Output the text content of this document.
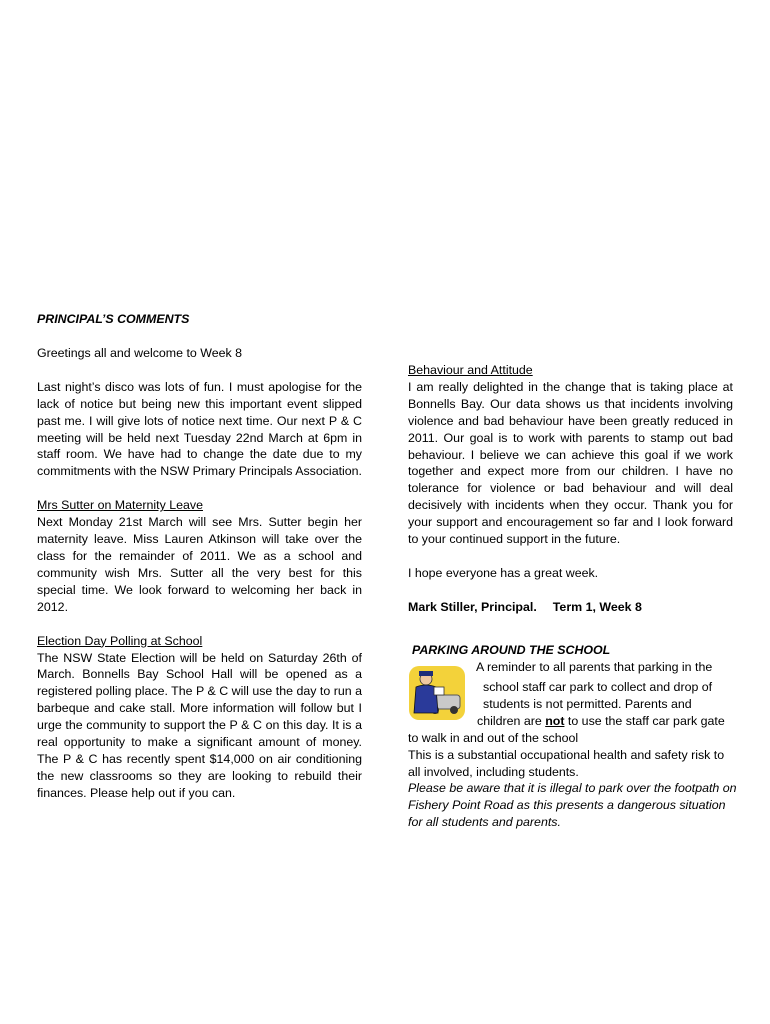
PRINCIPAL’S COMMENTS

Greetings all and welcome to Week 8

Last night’s disco was lots of fun. I must apologise for the lack of notice but being new this important event slipped past me. I will give lots of notice next time. Our next P & C meeting will be held next Tuesday 22nd March at 6pm in staff room. We have had to change the date due to my commitments with the NSW Primary Principals Association.

Mrs Sutter on Maternity Leave

Next Monday 21st March will see Mrs. Sutter begin her maternity leave. Miss Lauren Atkinson will take over the class for the remainder of 2011. We as a school and community wish Mrs. Sutter all the very best for this special time. We look forward to welcoming her back in 2012.

Election Day Polling at School

The NSW State Election will be held on Saturday 26th of March. Bonnells Bay School Hall will be opened as a registered polling place. The P & C will use the day to run a barbeque and cake stall. More information will follow but I urge the community to support the P & C on this day. It is a real opportunity to make a significant amount of money. The P & C has recently spent $14,000 on air conditioning the new classrooms so they are looking to rebuild their finances. Please help out if you can.

Behaviour and Attitude

I am really delighted in the change that is taking place at Bonnells Bay. Our data shows us that incidents involving violence and bad behaviour have been greatly reduced in 2011. Our goal is to work with parents to stamp out bad behaviour. I believe we can achieve this goal if we work together and expect more from our children. I have no tolerance for violence or bad behaviour and will deal decisively with incidents when they occur. Thank you for your support and encouragement so far and I look forward to your continued support in the future.

I hope everyone has a great week.

Mark Stiller, Principal. Term 1, Week 8

PARKING AROUND THE SCHOOL

A reminder to all parents that parking in the

school staff car park to collect and drop of

students is not permitted. Parents and

children are not to use the staff car park gate

to walk in and out of the school

This is a substantial occupational health and safety risk to all involved, including students.

Please be aware that it is illegal to park over the footpath on Fishery Point Road as this presents a dangerous situation for all students and parents.
